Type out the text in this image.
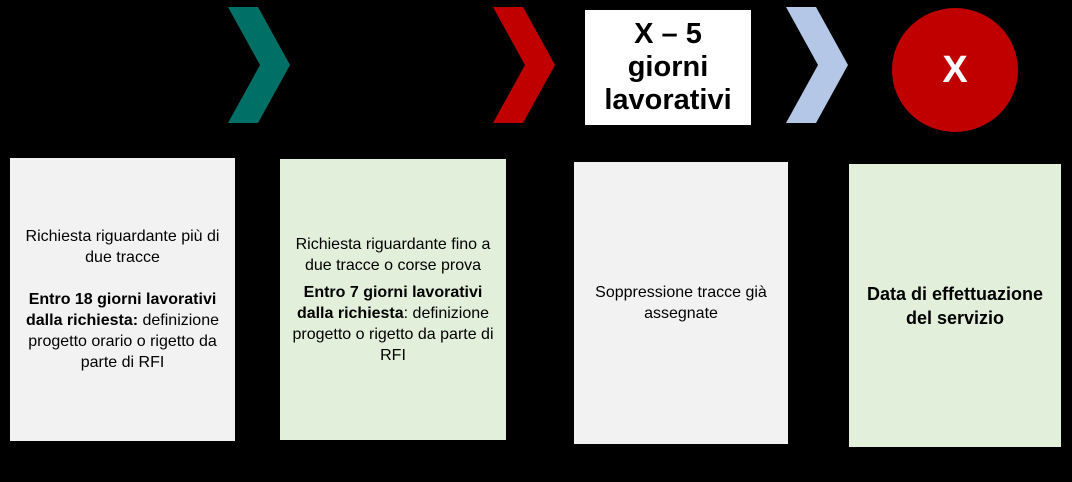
X – 5
giorni
lavorativi
X

Richiesta riguardante più di due tracce

Entro 18 giorni lavorativi dalla richiesta: definizione progetto orario o rigetto da parte di RFI

Richiesta riguardante fino a due tracce o corse prova

Entro 7 giorni lavorativi dalla richiesta: definizione progetto o rigetto da parte di RFI

Soppressione tracce già assegnate

Data di effettuazione del servizio
